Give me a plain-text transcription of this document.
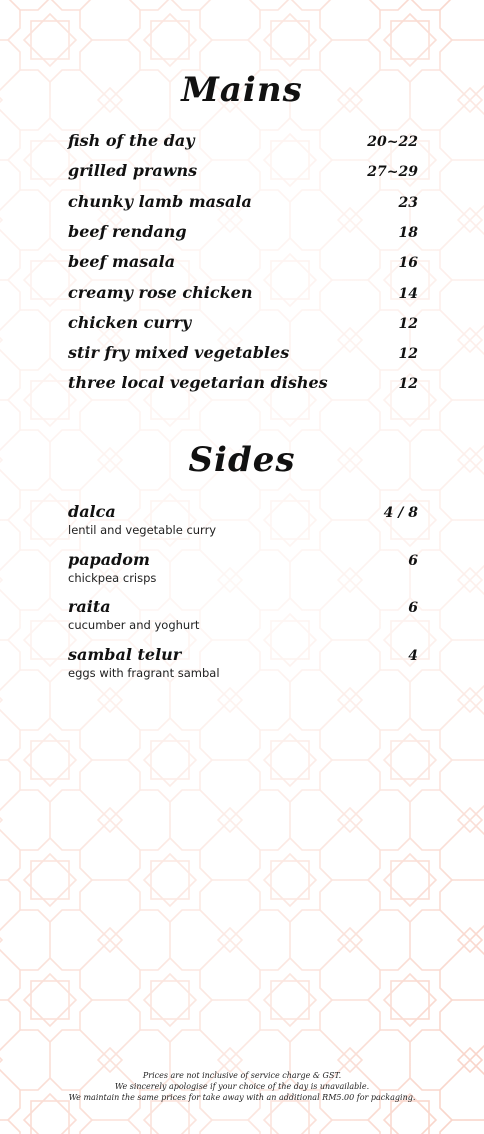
Mains
fish of the day	20~22
grilled prawns	27~29
chunky lamb masala	23
beef rendang	18
beef masala	16
creamy rose chicken	14
chicken curry	12
stir fry mixed vegetables	12
three local vegetarian dishes	12
Sides
dalca	4 / 8
lentil and vegetable curry
papadom	6
chickpea crisps
raita	6
cucumber and yoghurt
sambal telur	4
eggs with fragrant sambal
Prices are not inclusive of service charge & GST.
We sincerely apologise if your choice of the day is unavailable.
We maintain the same prices for take away with an additional RM5.00 for packaging.
